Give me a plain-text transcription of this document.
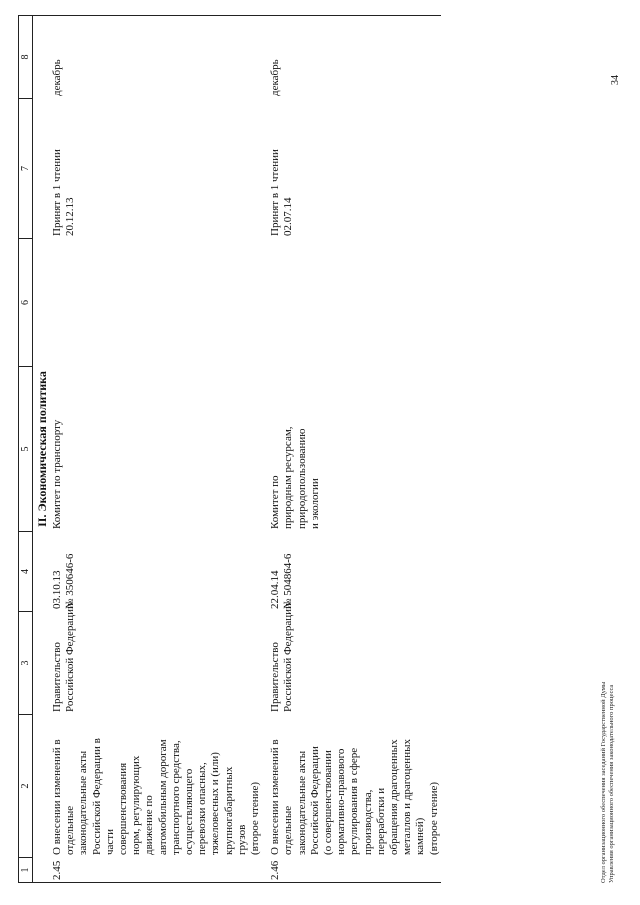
1
2
3
4
5
6
7
8
II. Экономическая политика
2.45
О внесении изменений в отдельные законодательные акты Российской Федерации в части совершенствования норм, регулирующих движение по автомобильным дорогам транспортного средства, осуществляющего перевозки опасных, тяжеловесных и (или) крупногабаритных грузов (второе чтение)
Правительство Российской Федерации
03.10.13 № 350646-6
Комитет по транспорту
Принят в 1 чтении 20.12.13
декабрь
2.46
О внесении изменений в отдельные законодательные акты Российской Федерации (о совершенствовании нормативно-правового регулирования в сфере производства, переработки и обращения драгоценных металлов и драгоценных камней) (второе чтение)
Правительство Российской Федерации
22.04.14 № 504864-6
Комитет по природным ресурсам, природопользованию и экологии
Принят в 1 чтении 02.07.14
декабрь
Отдел организационного обеспечения заседаний Государственной Думы Управления организационного обеспечения законодательного процесса
34
